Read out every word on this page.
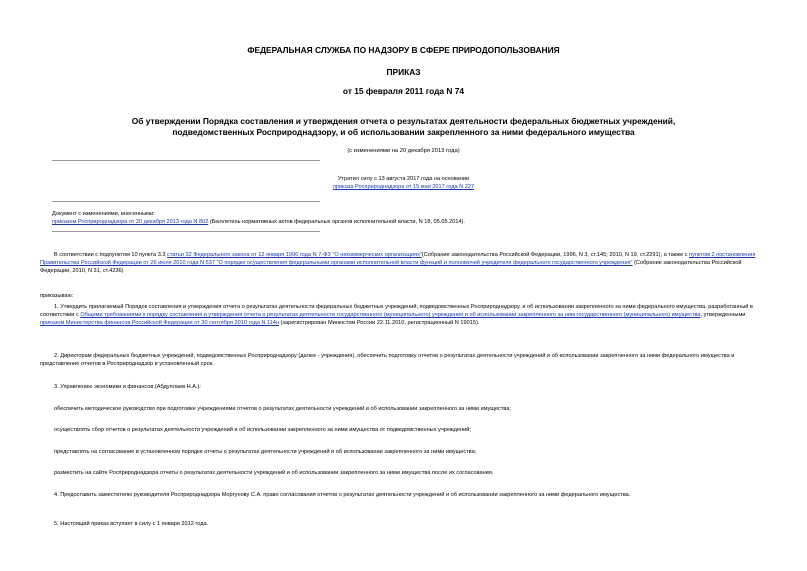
ФЕДЕРАЛЬНАЯ СЛУЖБА ПО НАДЗОРУ В СФЕРЕ ПРИРОДОПОЛЬЗОВАНИЯ
ПРИКАЗ
от 15 февраля 2011 года N 74
Об утверждении Порядка составления и утверждения отчета о результатах деятельности федеральных бюджетных учреждений, подведомственных Росприроднадзору, и об использовании закрепленного за ними федерального имущества
(с изменениями на 20 декабря 2013 года)

Утратил силу с 13 августа 2017 года на основании

приказа Росприроднадзора от 15 мая 2017 года N 227

Документ с изменениями, внесенными:

приказом Росприроднадзора от 20 декабря 2013 года N 802 (Бюллетень нормативных актов федеральных органов исполнительной власти, N 18, 05.05.2014).

В соответствии с подпунктом 10 пункта 3.3 статьи 32 Федерального закона от 12 января 1996 года N 7-ФЗ "О некоммерческих организациях"(Собрание законодательства Российской Федерации, 1996, N 3, ст.145; 2010, N 19, ст.2291), а также с пунктом 2 постановления Правительства Российской Федерации от 26 июля 2010 года N 537 "О порядке осуществления федеральными органами исполнительной власти функций и полномочий учредителя федерального государственного учреждения" (Собрание законодательства Российской Федерации, 2010, N 31, ст.4236)
приказываю:
1. Утвердить прилагаемый Порядок составления и утверждения отчета о результатах деятельности федеральных бюджетных учреждений, подведомственных Росприроднадзору, и об использовании закрепленного за ними федерального имущества, разработанный в соответствии с Общими требованиями к порядку составления и утверждения отчета о результатах деятельности государственного (муниципального) учреждения и об использовании закрепленного за ним государственного (муниципального) имущества, утвержденными приказом Министерства финансов Российской Федерации от 30 сентября 2010 года N 114н (зарегистрирован Минюстом России 22.11.2010, регистрационный N 19015).
2. Директорам федеральных бюджетных учреждений, подведомственных Росприроднадзору (далее - учреждения), обеспечить подготовку отчетов о результатах деятельности учреждений и об использовании закрепленного за ними федерального имущества и представление отчетов в Росприроднадзор в установленный срок.
3. Управлению экономики и финансов (Абдуллаев Н.А.):
обеспечить методическое руководство при подготовке учреждениями отчетов о результатах деятельности учреждений и об использовании закрепленного за ними имущества;
осуществлять сбор отчетов о результатах деятельности учреждений и об использовании закрепленного за ними имущества от подведомственных учреждений;
представлять на согласование в установленном порядке отчеты о результатах деятельности учреждений и об использовании закрепленного за ними имущества;
разместить на сайте Росприроднадзора отчеты о результатах деятельности учреждений и об использовании закрепленного за ними имущества после их согласования.
4. Предоставить заместителю руководителя Росприроднадзора Моргунову С.А. право согласования отчетов о результатах деятельности учреждений и об использовании закрепленного за ними федерального имущества.
5. Настоящий приказ вступает в силу с 1 января 2012 года.
